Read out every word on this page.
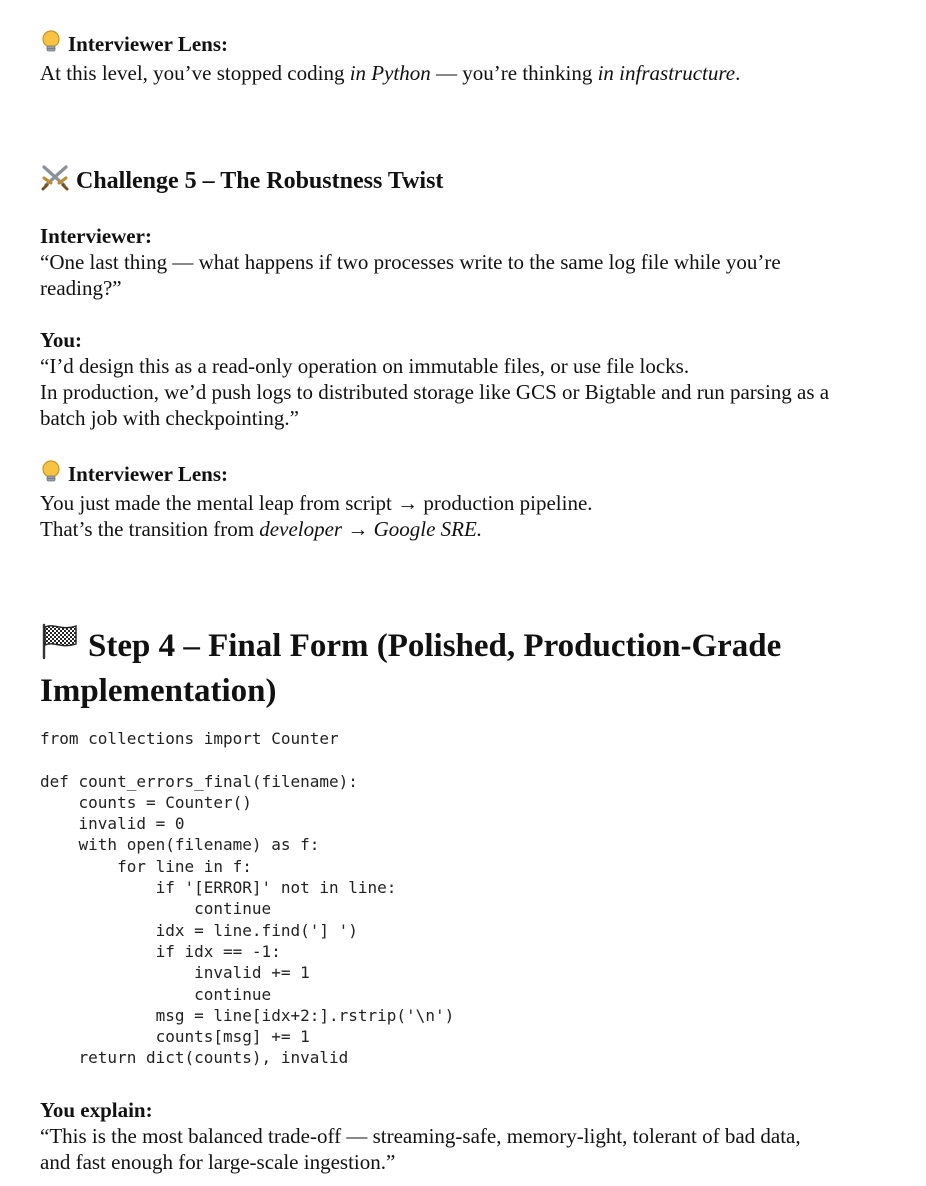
Interviewer Lens:
At this level, you’ve stopped coding in Python — you’re thinking in infrastructure.
Challenge 5 – The Robustness Twist
Interviewer:
“One last thing — what happens if two processes write to the same log file while you’re
reading?”
You:
“I’d design this as a read-only operation on immutable files, or use file locks.
In production, we’d push logs to distributed storage like GCS or Bigtable and run parsing as a
batch job with checkpointing.”
Interviewer Lens:
You just made the mental leap from script → production pipeline.
That’s the transition from developer → Google SRE.
Step 4 – Final Form (Polished, Production-Grade
Implementation)
from collections import Counter
def count_errors_final(filename):
counts = Counter()
invalid = 0
with open(filename) as f:
for line in f:
if '[ERROR]' not in line:
continue
idx = line.find('] ')
if idx == -1:
invalid += 1
continue
msg = line[idx+2:].rstrip('\n')
counts[msg] += 1
return dict(counts), invalid
You explain:
“This is the most balanced trade-off — streaming-safe, memory-light, tolerant of bad data,
and fast enough for large-scale ingestion.”
